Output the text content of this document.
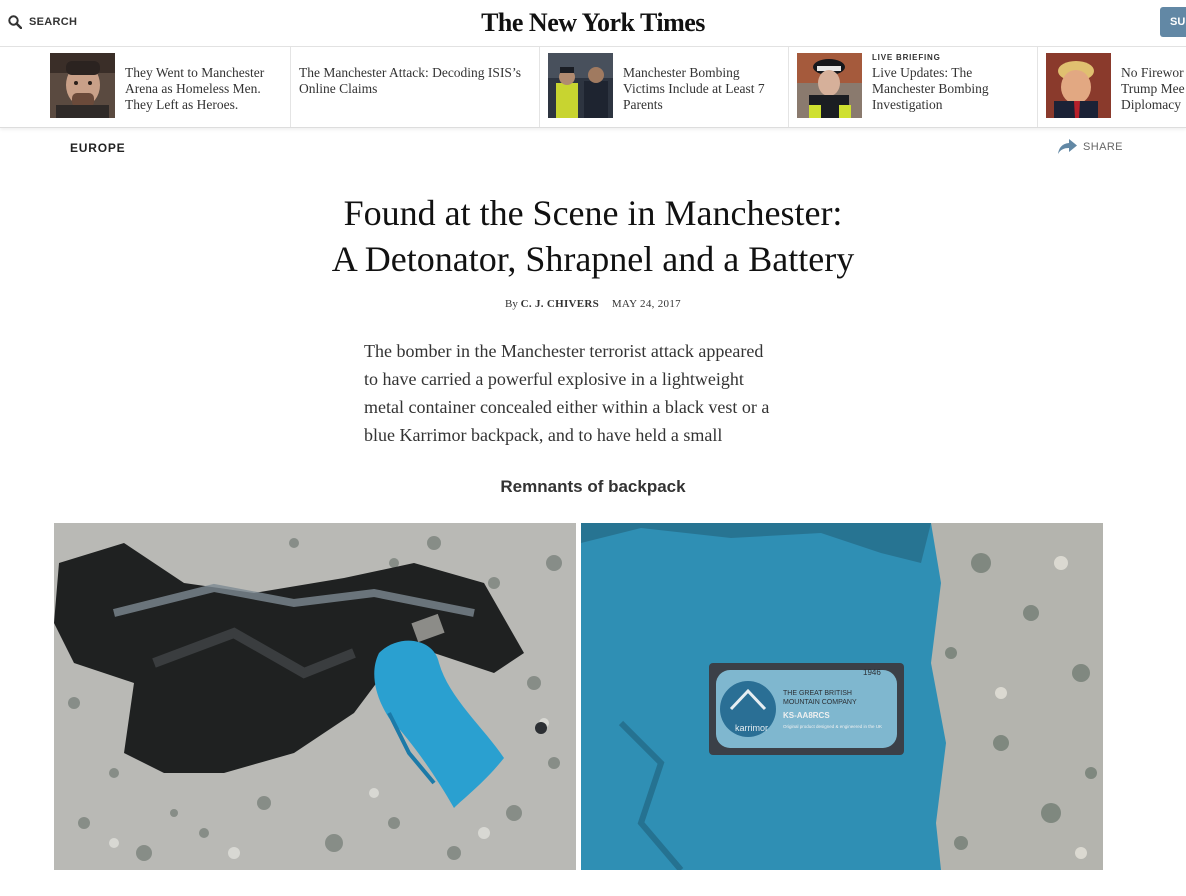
SEARCH	The New York Times	SU
They Went to Manchester Arena as Homeless Men. They Left as Heroes.
The Manchester Attack: Decoding ISIS’s Online Claims
Manchester Bombing Victims Include at Least 7 Parents
LIVE BRIEFING
Live Updates: The Manchester Bombing Investigation
No Firewor Trump Mee Diplomacy
EUROPE	SHARE
Found at the Scene in Manchester:
A Detonator, Shrapnel and a Battery
By C. J. CHIVERS MAY 24, 2017

The bomber in the Manchester terrorist attack appeared
to have carried a powerful explosive in a lightweight
metal container concealed either within a black vest or a
blue Karrimor backpack, and to have held a small

Remnants of backpack
karrimor
1946
THE GREAT BRITISH
MOUNTAIN COMPANY
KS-AA8RCS
Original product designed & engineered in the UK
